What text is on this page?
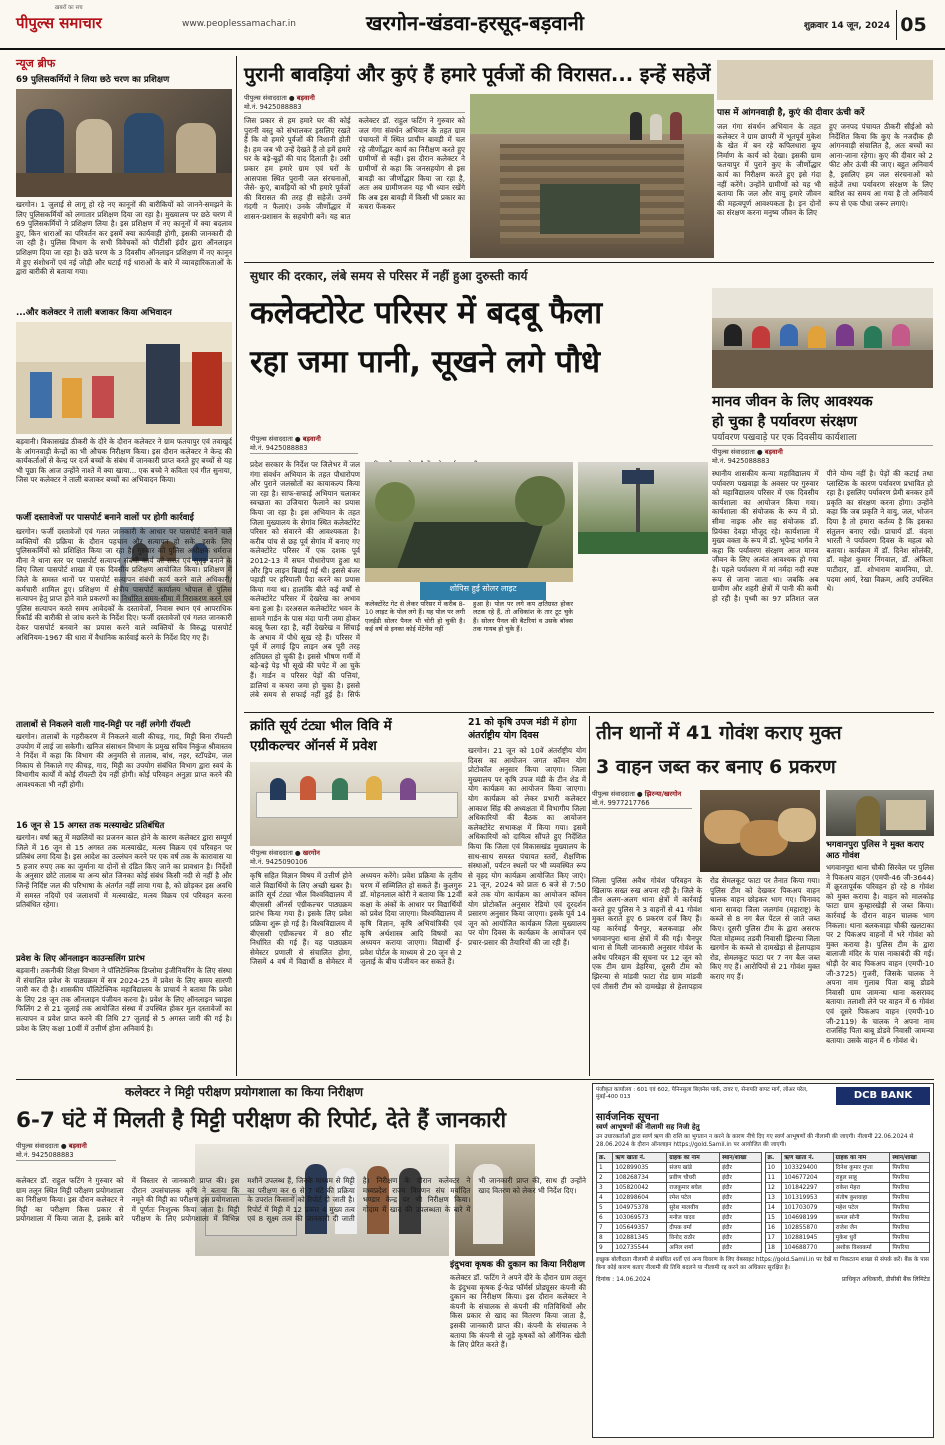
पीपुल्स समाचार
ख़बरों का सच
www.peoplessamachar.in	खरगोन-खंडवा-हरसूद-बड़वानी	शुक्रवार 14 जून, 2024 05
न्यूज ब्रीफ
69 पुलिसकर्मियों ने लिया छठे चरण का प्रशिक्षण
खरगोन। 1 जुलाई से लागू हो रहे नए कानूनों की बारीकियों को जानने-समझने के लिए पुलिसकर्मियों को लगातार प्रशिक्षण दिया जा रहा है। मुख्यालय पर छठे चरण में 69 पुलिसकर्मियों ने प्रशिक्षण लिया है। इस प्रशिक्षण में नए कानूनों में क्या बदलाव हुए, किन धाराओं का परिवर्तन कर इसमें क्या कार्यवाही होगी, इसकी जानकारी दी जा रही है। पुलिस विभाग के सभी विवेचकों को पीटीसी इंदौर द्वारा ऑनलाइन प्रशिक्षण दिया जा रहा है। छठे चरण के 3 दिवसीय ऑनलाइन प्रशिक्षण में नए कानून में हुए संशोधनों एवं नई जोड़ी और घटाई गई धाराओं के बारे में व्यावहारिकताओं के द्वारा बारीकी से बताया गया।
...और कलेक्टर ने ताली बजाकर किया अभिवादन
बड़वानी। विकासखंड ठीकरी के दौरे के दौरान कलेक्टर ने ग्राम फतयापुर एवं तवाखुर्द के आंगनवाड़ी केन्द्रों का भी औचक निरीक्षण किया। इस दौरान कलेक्टर ने केन्द्र की कार्यकर्ताओं से केन्द्र पर दर्ज बच्चों के संबंध में जानकारी प्राप्त करते हुए बच्चों से यह भी पूछा कि आज उन्होंने नाश्ते में क्या खाया... एक बच्चे ने कविता एवं गीत सुनाया, जिस पर कलेक्टर ने ताली बजाकर बच्चों का अभिवादन किया।
फर्जी दस्तावेजों पर पासपोर्ट बनाने वालों पर होगी कार्रवाई
खरगोन। फर्जी दस्तावेजों एवं गलत जानकारी के आधार पर पासपोर्ट बनाने वाले व्यक्तियों की प्रक्रिया के दौरान पहचान और सत्यापन हो सके, इसके लिए पुलिसकर्मियों को प्रशिक्षित किया जा रहा है। गुरुवार को पुलिस अधीक्षक धर्मराज मीना ने थाना स्तर पर पासपोर्ट सत्यापन संबंधी कार्य को सरल एवं सुदृढ़ बनाने के लिए जिला पासपोर्ट शाखा में एक दिवसीय प्रशिक्षण आयोजित किया। प्रशिक्षण में जिले के समस्त थानों पर पासपोर्ट सत्यापन संबंधी कार्य करने वाले अधिकारी/कर्मचारी शामिल हुए। प्रशिक्षण में क्षेत्रीय पासपोर्ट कार्यालय भोपाल से पुलिस सत्यापन हेतु प्राप्त होने वाले प्रकरणों का निर्धारित समय-सीमा में निराकरण करने एवं पुलिस सत्यापन करते समय आवेदकों के दस्तावेजों, निवास स्थान एवं आपराधिक रिकॉर्ड की बारीकी से जांच करने के निर्देश दिए। फर्जी दस्तावेजों एवं गलत जानकारी देकर पासपोर्ट बनवाने का प्रयास करने वाले व्यक्तियों के विरुद्ध पासपोर्ट अधिनियम-1967 की धारा में वैधानिक कार्रवाई करने के निर्देश दिए गए हैं।
तालाबों से निकलने वाली गाद-मिट्टी पर नहीं लगेगी रॉयल्टी
खरगोन। तालाबों के गहरीकरण में निकलने वाली कीचड़, गाद, मिट्टी बिना रॉयल्टी उपयोग में लाई जा सकेगी। खनिज संसाधन विभाग के प्रमुख सचिव निकुंज श्रीवास्तव ने निर्देश में कहा कि विभाग की अनुमति से तालाब, बांध, नहर, स्टॉपडेम, जल निकाय से निकाले गए कीचड़, गाद, मिट्टी का उपयोग संबंधित विभाग द्वारा स्वयं के विभागीय कार्यों में कोई रॉयल्टी देय नहीं होगी। कोई परिवहन अनुज्ञा प्राप्त करने की आवश्यकता भी नहीं होगी।
16 जून से 15 अगस्त तक मत्स्याखेट प्रतिबंधित
खरगोन। वर्षा ऋतु में मछलियों का प्रजनन काल होने के कारण कलेक्टर द्वारा सम्पूर्ण जिले में 16 जून से 15 अगस्त तक मत्स्याखेट, मत्स्य विक्रय एवं परिवहन पर प्रतिबंध लगा दिया है। इस आदेश का उल्लंघन करने पर एक वर्ष तक के कारावास या 5 हजार रुपए तक का जुर्माना या दोनों से दंडित किए जाने का प्रावधान है। निर्देशों के अनुसार छोटे तालाब या अन्य स्रोत जिनका कोई संबंध किसी नदी से नहीं है और जिन्हें निर्दिष्ट जल की परिभाषा के अंतर्गत नहीं लाया गया है, को छोड़कर इस अवधि में समस्त नदियों एवं जलाशयों में मत्स्याखेट, मत्स्य विक्रय एवं परिवहन करना प्रतिबंधित रहेगा।
प्रवेश के लिए ऑनलाइन काउन्सलिंग प्रारंभ
बड़वानी। तकनीकी शिक्षा विभाग ने पॉलिटेक्निक डिप्लोमा इंजीनियरिंग के लिए संस्था में संचालित प्रवेश के पाठ्यक्रम में सत्र 2024-25 में प्रवेश के लिए समय सारणी जारी कर दी है। शासकीय पॉलिटेक्निक महाविद्यालय के प्राचार्य ने बताया कि प्रवेश के लिए 28 जून तक ऑनलाइन पंजीयन करना है। प्रवेश के लिए ऑनलाइन च्वाइस फिलिंग 2 से 21 जुलाई तक आयोजित संस्था में उपस्थित होकर मूल दस्तावेजों का सत्यापन व प्रवेश प्राप्त करने की तिथि 27 जुलाई से 5 अगस्त जारी की गई है। प्रवेश के लिए कक्षा 10वीं में उत्तीर्ण होना अनिवार्य है।
पुरानी बावड़ियां और कुएं हैं हमारे पूर्वजों की विरासत... इन्हें सहेजें
पीपुल्स संवाददाता ● बड़वानी
मो.नं. 9425088883
जिस प्रकार से हम हमारे घर की कोई पुरानी वस्तु को संभालकर इसलिए रखते हैं कि वो हमारे पूर्वजों की निशानी होती है। हम जब भी उन्हें देखते हैं तो हमें हमारे घर के बड़े-बूढ़ों की याद दिलाती है। उसी प्रकार हम हमारे ग्राम एवं घरों के आसपास स्थित पुरानी जल संरचनाओं, जैसे- कुएं, बावड़ियों को भी हमारे पूर्वजों की विरासत की तरह ही सहेजें। उनमें गंदगी न फैलाएं। उनके जीर्णोद्धार में शासन-प्रशासन के सहयोगी बनें। यह बात कलेक्टर डॉ. राहुल फटिंग ने गुरुवार को जल गंगा संवर्धन अभियान के तहत ग्राम पंचायतों में स्थित प्राचीन बावड़ी में चल रहे जीर्णोद्धार कार्य का निरीक्षण करते हुए ग्रामीणों से कही। इस दौरान कलेक्टर ने ग्रामीणों से कहा कि जनसहयोग से इस बावड़ी का जीर्णोद्धार किया जा रहा है, अतः अब ग्रामीणजन यह भी ध्यान रखेंगे कि अब इस बावड़ी में किसी भी प्रकार का कचरा फेंककर
पास में आंगनवाड़ी है, कुएं की दीवार ऊंची करें
जल गंगा संवर्धन अभियान के तहत कलेक्टर ने ग्राम छापरी में भूतपूर्व मुकेश के खेत में बन रहे कपिलधारा कूप निर्माण के कार्य को देखा। इसकी ग्राम फतयापुर में पुराने कुए के जीर्णोद्धार कार्य का निरीक्षण करते हुए इसे गंदा नहीं करेंगे। उन्होंने ग्रामीणों को यह भी बताया कि जल और वायु हमारे जीवन की महत्वपूर्ण आवश्यकता है। इन दोनों का संरक्षण करना मनुष्य जीवन के लिए
हुए जनपद पंचायत ठीकरी सीईओ को निर्देशित किया कि कुए के नजदीक ही आंगनवाड़ी संचालित है, अतः बच्चों का आना-जाना रहेगा। कुए की दीवार को 2 फीट और ऊंची की जाए। बहुत अनिवार्य है, इसलिए हम जल संरचनाओं को सहेजें तथा पर्यावरण संरक्षण के लिए बारिश का समय आ गया है तो अनिवार्य रूप से एक पौधा जरूर लगाएं।
सुधार की दरकार, लंबे समय से परिसर में नहीं हुआ दुरुस्ती कार्य
कलेक्टोरेट परिसर में बदबू फैला
रहा जमा पानी, सूखने लगे पौधे
पीपुल्स संवाददाता ● बड़वानी
मो.नं. 9425088883
प्रदेश सरकार के निर्देश पर जिलेभर में जल गंगा संवर्धन अभियान के तहत पौधारोपण और पुराने जलस्रोतों का कायाकल्प किया जा रहा है। साफ-सफाई अभियान चलाकर स्वच्छता का उजियारा फैलाने का प्रयास किया जा रहा है। इस अभियान के तहत जिला मुख्यालय के सेगांव स्थित कलेक्टोरेट परिसर को संवारने की आवश्यकता है। करीब पांच से छह पूर्व सेगांव में बनाए गए कलेक्टोरेट परिसर में एक दशक पूर्व 2012-13 में सघन पौधारोपण हुआ था और ड्रिप लाइन बिछाई गई थी। इससे बंजर पहाड़ी पर हरियाली पैदा करने का प्रयास किया गया था। हालांकि बीते कई वर्षों से कलेक्टोरेट परिसर में देखरेख का अभाव बना हुआ है। दरअसल कलेक्टोरेट भवन के सामने गार्डन के पास मंदा पानी जमा होकर बदबू फैला रहा है, वहीं देखरेख व सिंचाई के अभाव में पौधे सूख रहे हैं। परिसर में पूर्व में लगाई ड्रिप लाइन अब पूरी तरह क्षतिग्रस्त हो चुकी है। इससे भीषण गर्मी में बड़े-बड़े पेड़ भी सूखे की चपेट में आ चुके हैं। गार्डन व परिसर पेड़ों की पत्तियां, डालियां व कचरा जमा हो चुका है। इससे लंबे समय से सफाई नहीं हुई है। सिर्फ
शोपिस हुई सोलर लाइट
कलेक्टोरेट गेट से लेकर परिसर में करीब 8-10 लाइट के पोल लगे हैं। यह पोल पर लगी एलईडी सोलर पैनल भी चोरी हो चुकी है। कई वर्ष से इनका कोई मेंटेनेंस नहीं
हुआ है। पोल पर लगे कप क्षतिग्रस्त होकर लटक रहे हैं, तो अधिकांश के तार टूट चुके हैं। सोलर पैनल की बैटरियां व उसके बॉक्स तक गायब हो चुके हैं।
मानव जीवन के लिए आवश्यक
हो चुका है पर्यावरण संरक्षण
पर्यावरण पखवाड़े पर एक दिवसीय कार्यशाला
पीपुल्स संवाददाता ● बड़वानी
मो.नं. 9425088883
स्थानीय शासकीय कन्या महाविद्यालय में पर्यावरण पखवाड़ा के अवसर पर गुरुवार को महाविद्यालय परिसर में एक दिवसीय कार्यशाला का आयोजन किया गया। कार्यशाला की संयोजक के रूप में प्रो. सीमा नाइक और सह संयोजक डॉ. प्रियंका देवड़ा मौजूद रहे। कार्यशाला में मुख्य वक्ता के रूप में डॉ. भूपेन्द्र भार्गव ने कहा कि पर्यावरण संरक्षण आज मानव जीवन के लिए अत्यंत आवश्यक हो गया है। पहले पर्यावरण में मां नर्मदा नदी स्पष्ट रूप से जाना जाता था। जबकि अब ग्रामीण और शहरी क्षेत्रों में पानी की कमी हो रही है। पृथ्वी का 97 प्रतिशत जल पीने योग्य नहीं है। पेड़ों की कटाई तथा प्लास्टिक के कारण पर्यावरण प्रभावित हो रहा है। इसलिए पर्यावरण प्रेमी बनकर हमें प्रकृति का संरक्षण करना होगा। उन्होंने कहा कि जब प्रकृति ने वायु, जल, भोजन दिया है तो हमारा कर्तव्य है कि इसका संतुलन बनाए रखें। प्राचार्य डॉ. वंदना भारती ने पर्यावरण दिवस के महत्व को बताया। कार्यक्रम में डॉ. दिनेश सोलंकी, डॉ. महेश कुमार निंगवाल, डॉ. अंकिता पाटीदार, डॉ. शोभाराम बामनिया, प्रो. पदमा आर्य, रेखा विक्रम, आदि उपस्थित थे।
क्रांति सूर्य टंट्या भील विवि में
एग्रीकल्चर ऑनर्स में प्रवेश
पीपुल्स संवाददाता ● खरगोन
मो.नं. 9425090106
कृषि सहित विज्ञान विषय में उत्तीर्ण होने वाले विद्यार्थियों के लिए अच्छी खबर है। क्रांति सूर्य टंट्या भील विश्वविद्यालय में बीएससी ऑनर्स एग्रीकल्चर पाठ्यक्रम प्रारंभ किया गया है। इसके लिए प्रवेश प्रक्रिया शुरू हो गई है। विश्वविद्यालय में बीएससी एग्रीकल्चर में 80 सीट निर्धारित की गई हैं। यह पाठ्यक्रम सेमेस्टर प्रणाली से संचालित होगा, जिसमें 4 वर्ष में विद्यार्थी 8 सेमेस्टर में अध्ययन करेंगे। प्रवेश प्रक्रिया के तृतीय चरण में सम्मिलित हो सकते हैं। कुलगुरु डॉ. मोहनलाल कोरी ने बताया कि 12वीं कक्षा के अंकों के आधार पर विद्यार्थियों को प्रवेश दिया जाएगा। विश्वविद्यालय में कृषि विज्ञान, कृषि अभियांत्रिकी एवं कृषि अर्थशास्त्र आदि विषयों का अध्ययन कराया जाएगा। विद्यार्थी ई-प्रवेश पोर्टल के माध्यम से 20 जून से 2 जुलाई के बीच पंजीयन कर सकते हैं।
21 को कृषि उपज मंडी में होगा
अंतर्राष्ट्रीय योग दिवस
खरगोन। 21 जून को 10वें अंतर्राष्ट्रीय योग दिवस का आयोजन जगत कॉमन योग प्रोटोकॉल अनुसार किया जाएगा। जिला मुख्यालय पर कृषि उपज मंडी के टीन शेड में योग कार्यक्रम का आयोजन किया जाएगा। योग कार्यक्रम को लेकर प्रभारी कलेक्टर आकाश सिंह की अध्यक्षता में विभागीय जिला अधिकारियों की बैठक का आयोजन कलेक्टोरेट सभाकक्ष में किया गया। इसमें अधिकारियों को दायित्व सौंपते हुए निर्देशित किया कि जिला एवं विकासखंड मुख्यालय के साथ-साथ समस्त पंचायत स्तरों, शैक्षणिक संस्थाओं, पर्यटन स्थलों पर भी व्यवस्थित रूप से वृहद योग कार्यक्रम आयोजित किए जाएं। 21 जून, 2024 को प्रातः 6 बजे से 7:50 बजे तक योग कार्यक्रम का आयोजन कॉमन योग प्रोटोकॉल अनुसार रेडियो एवं दूरदर्शन प्रसारण अनुसार किया जाएगा। इसके पूर्व 14 जून को आयोजित कार्यक्रम जिला मुख्यालय पर योग दिवस के कार्यक्रम के आयोजन एवं प्रचार-प्रसार की तैयारियों की जा रही हैं।
तीन थानों में 41 गोवंश कराए मुक्त
3 वाहन जब्त कर बनाए 6 प्रकरण
पीपुल्स संवाददाता ● झिरन्या/खरगोन
मो.नं. 9977217766
जिला पुलिस अवैध गोवंश परिवहन के खिलाफ सख्त रुख अपना रही है। जिले के तीन अलग-अलग थाना क्षेत्रों में कार्रवाई करते हुए पुलिस ने 3 वाहनों से 41 गोवंश मुक्त कराते हुए 6 प्रकरण दर्ज किए हैं। यह कार्रवाई चैनपुर, बलकवाड़ा और भगवानपुरा थाना क्षेत्रों में की गई। चैनपुर थाना से मिली जानकारी अनुसार गोवंश के अवैध परिवहन की सूचना पर 12 जून को एक टीम ग्राम डेहरिया, दूसरी टीम को झिरन्या से मांडवी फाटा रोड ग्राम मांडवी एवं तीसरी टीम को दामखेड़ा से हेलापड़ाव रोड सेमलकूट फाटा पर तैनात किया गया। पुलिस टीम को देखकर पिकअप वाहन चालक वाहन छोड़कर भाग गए। चिनावद थाना सावदा जिला जलगांव (महाराष्ट्र) के कब्जे से 8 नग बैल पेंटल से जाते जब्त किए। दूसरी पुलिस टीम के द्वारा असरफ पिता मोहम्मद तडवी निवासी झिरन्या जिला खरगोन के कब्जे से दामखेड़ा से हेलापड़ाव रोड, सेमलकूट फाटा पर 7 नग बैल जब्त किए गए हैं। आरोपियों से 21 गोवंश मुक्त कराए गए हैं।
भगवानपुरा पुलिस ने मुक्त कराए आठ गोवंश
भगवानपुरा थाना चौकी सिरवेल पर पुलिस ने पिकअप वाहन (एमपी-46 जी-3644) में क्रूरतापूर्वक परिवहन हो रहे 8 गोवंश को मुक्त कराया है। वाहन को मालकोड़ फाटा ग्राम कुम्हारखेड़ी से जब्त किया। कार्रवाई के दौरान वाहन चालक भाग निकला। थाना बलकवाड़ा चौकी खलटाका पर 2 पिकअप वाहनों में भरे गोवंश को मुक्त कराया है। पुलिस टीम के द्वारा बालाजी मंदिर के पास नाकाबंदी की गई। थोड़ी देर बाद पिकअप वाहन (एमपी-10 जी-3725) गुजरी, जिसके चालक ने अपना नाम गुलाब पिता बाबू डोडवे निवासी ग्राम जामन्या थाना कसरावद बताया। तलाशी लेने पर वाहन में 6 गोवंश एवं दूसरे पिकअप वाहन (एमपी-10 जी-2119) के चालक ने अपना नाम राजसिंह पिता बाबू डोडवे निवासी जामन्या बताया। उसके वाहन में 6 गोवंश थे।
कलेक्टर ने मिट्टी परीक्षण प्रयोगशाला का किया निरीक्षण
6-7 घंटे में मिलती है मिट्टी परीक्षण की रिपोर्ट, देते हैं जानकारी
पीपुल्स संवाददाता ● बड़वानी
मो.नं. 9425088883
कलेक्टर डॉ. राहुल फटिंग ने गुरुवार को ग्राम तलून स्थित मिट्टी परीक्षण प्रयोगशाला का निरीक्षण किया। इस दौरान कलेक्टर ने मिट्टी का परीक्षण किस प्रकार से प्रयोगशाला में किया जाता है, इसके बारे में विस्तार से जानकारी प्राप्त की। इस दौरान उपसंचालक कृषि ने बताया कि नमूने की मिट्टी का परीक्षण इस प्रयोगशाला में पूर्णतः निःशुल्क किया जाता है। मिट्टी परीक्षण के लिए प्रयोगशाला में विभिन्न मशीनें उपलब्ध हैं, जिनके माध्यम से मिट्टी का परीक्षण कर 6 से 7 घंटे की प्रक्रिया के उपरांत किसानों को रिपोर्ट दी जाती है। रिपोर्ट में मिट्टी में 12 प्रकार 4 मुख्य तत्व एवं 8 सूक्ष्म तत्व की जानकारी दी जाती है। निरीक्षण के दौरान कलेक्टर ने मध्यप्रदेश राज्य विपणन संघ मर्यादित भण्डार केन्द्र पर भी निरीक्षण किया। गोदाम में खाद की उपलब्धता के बारे में भी जानकारी प्राप्त की, साथ ही उन्होंने खाद वितरण को लेकर भी निर्देश दिए।
इंदुभवा कृषक की दुकान का किया निरीक्षण
कलेक्टर डॉ. फटिंग ने अपने दौरे के दौरान ग्राम तलून के इंदुभवा कृषक ई-फेड फॉर्मर्स प्रोड्यूसर कंपनी की दुकान का निरीक्षण किया। इस दौरान कलेक्टर ने कंपनी के संचालक से कंपनी की गतिविधियों और किस प्रकार से खाद का वितरण किया जाता है, इसकी जानकारी प्राप्त की। कंपनी के संचालक ने बताया कि कंपनी से जुड़े कृषकों को ऑर्गेनिक खेती के लिए प्रेरित करते हैं।
पंजीकृत कार्यालय : 601 एवं 602, पेनिनसुला बिज़नेस पार्क, टावर ए, सेनापति बापट मार्ग, लोअर परेल, मुंबई-400 013	DCB BANK
सार्वजनिक सूचना
स्वर्ण आभूषणों की नीलामी सह निजी हेतु
उन उधारकर्ताओं द्वारा स्वर्ण ऋण की राशि का भुगतान न करने के कारण नीचे दिए गए स्वर्ण आभूषणों की नीलामी की जाएगी। नीलामी 22.06.2024 से 28.06.2024 के दौरान ऑनलाइन https://gold.Samil.in पर आयोजित की जाएगी।
क्र.	ऋण खाता नं.	ग्राहक का नाम	स्थान/शाखा
1	102899035	संजय खांडे	इंदौर
2	108268734	प्रवीण चौधरी	इंदौर
3	105820042	राजकुमार बघेल	इंदौर
4	102898604	रमेश पटेल	इंदौर
5	104975378	सुरेश मालवीय	इंदौर
6	103069573	मनोज यादव	इंदौर
7	105649357	दीपक वर्मा	इंदौर
8	102881345	विनोद राठौर	इंदौर
9	102735544	अनिल शर्मा	इंदौर
क्र.	ऋण खाता नं.	ग्राहक का नाम	स्थान/शाखा
10	103329400	दिनेश कुमार गुप्ता	पिपरिया
11	104677204	राहुल साहू	पिपरिया
12	101842297	राकेश मेहरा	पिपरिया
13	101319953	संतोष कुशवाहा	पिपरिया
14	101703079	महेश पटेल	पिपरिया
15	104698199	कमल सोनी	पिपरिया
16	102855870	राजेश जैन	पिपरिया
17	102881945	मुकेश धुर्वे	पिपरिया
18	104688770	अशोक विश्वकर्मा	पिपरिया
इच्छुक बोलीदाता नीलामी से संबंधित शर्तों एवं अन्य विवरण के लिए वेबसाइट https://gold.Samil.in पर देखें या निकटतम शाखा से संपर्क करें। बैंक के पास बिना कोई कारण बताए नीलामी की तिथि बदलने या नीलामी रद्द करने का अधिकार सुरक्षित है।
दिनांक : 14.06.2024	प्राधिकृत अधिकारी, डीसीबी बैंक लिमिटेड
